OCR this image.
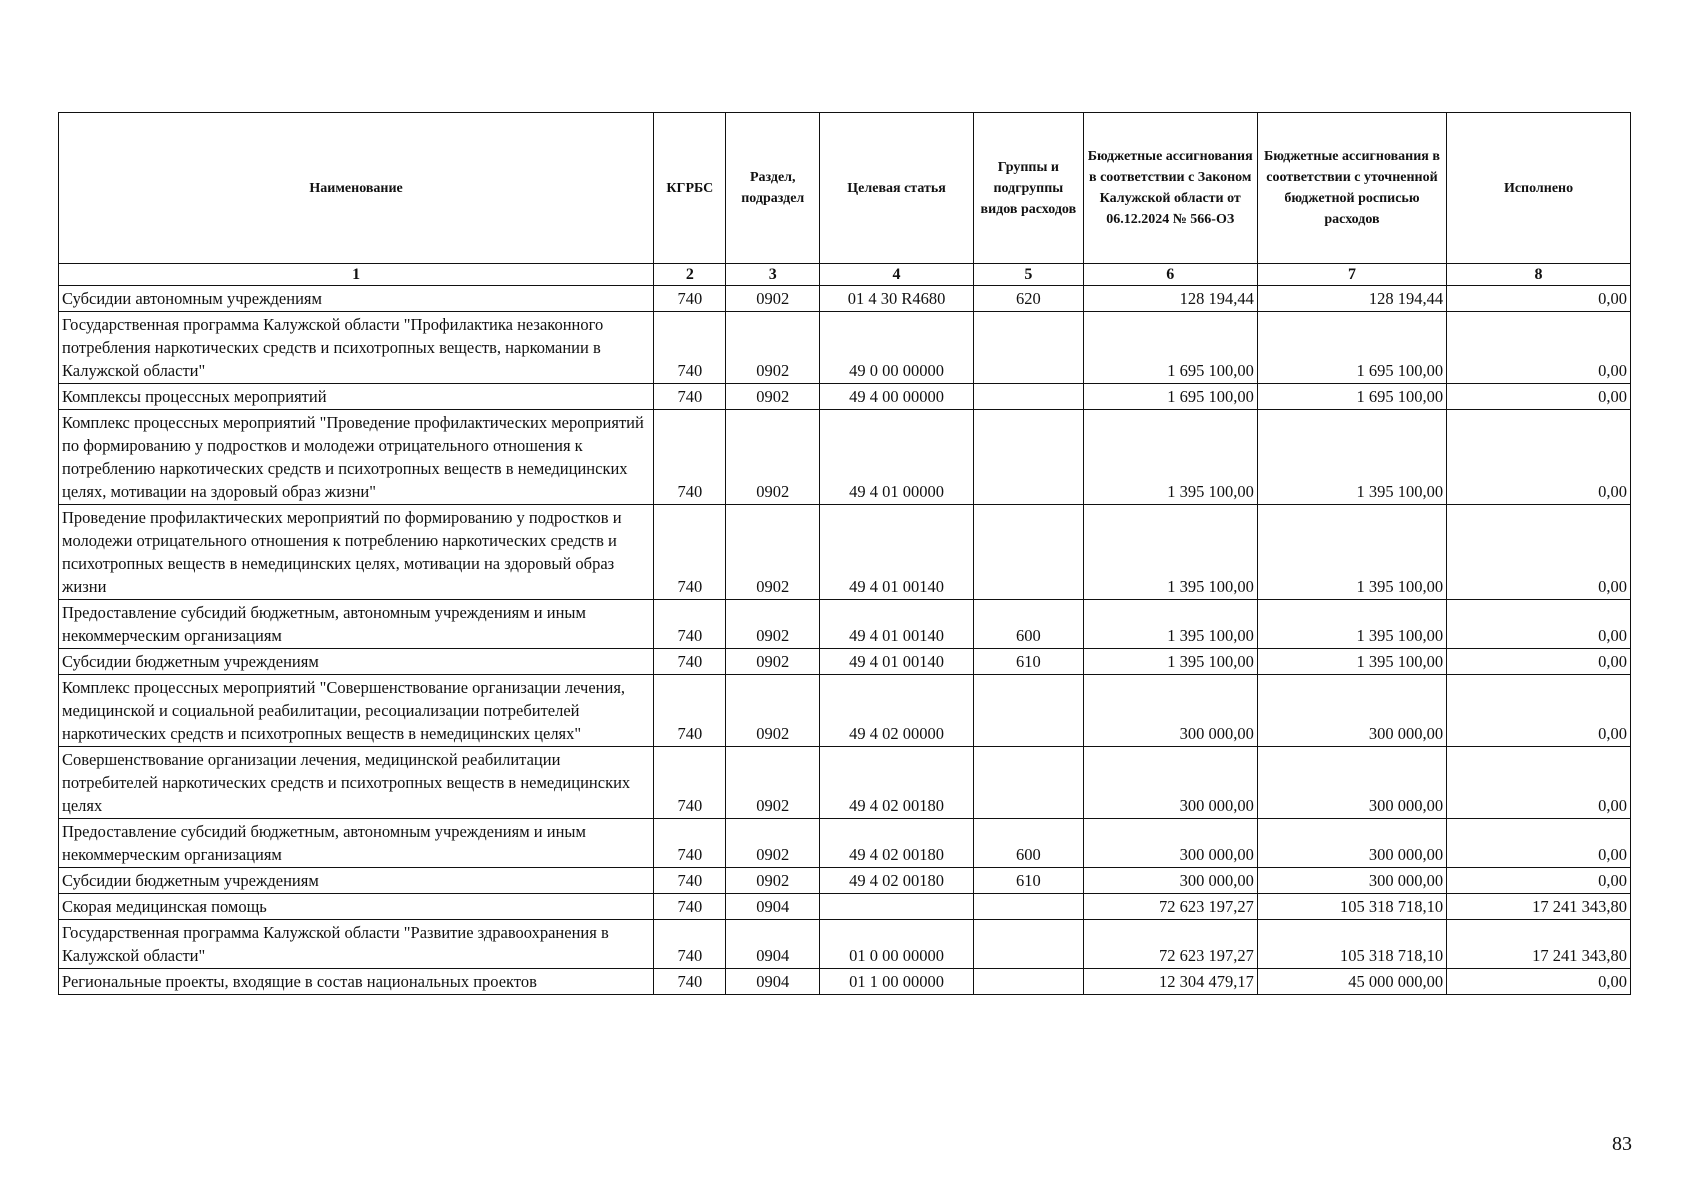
Наименование	КГРБС	Раздел, подраздел	Целевая статья	Группы и подгруппы видов расходов	Бюджетные ассигнования в соответствии с Законом Калужской области от 06.12.2024 № 566-ОЗ	Бюджетные ассигнования в соответствии с уточненной бюджетной росписью расходов	Исполнено
1	2	3	4	5	6	7	8
Субсидии автономным учреждениям	740	0902	01 4 30 R4680	620	128 194,44	128 194,44	0,00
Государственная программа Калужской области "Профилактика незаконного потребления наркотических средств и психотропных веществ, наркомании в Калужской области"	740	0902	49 0 00 00000		1 695 100,00	1 695 100,00	0,00
Комплексы процессных мероприятий	740	0902	49 4 00 00000		1 695 100,00	1 695 100,00	0,00
Комплекс процессных мероприятий "Проведение профилактических мероприятий по формированию у подростков и молодежи отрицательного отношения к потреблению наркотических средств и психотропных веществ в немедицинских целях, мотивации на здоровый образ жизни"	740	0902	49 4 01 00000		1 395 100,00	1 395 100,00	0,00
Проведение профилактических мероприятий по формированию у подростков и молодежи отрицательного отношения к потреблению наркотических средств и психотропных веществ в немедицинских целях, мотивации на здоровый образ жизни	740	0902	49 4 01 00140		1 395 100,00	1 395 100,00	0,00
Предоставление субсидий бюджетным, автономным учреждениям и иным некоммерческим организациям	740	0902	49 4 01 00140	600	1 395 100,00	1 395 100,00	0,00
Субсидии бюджетным учреждениям	740	0902	49 4 01 00140	610	1 395 100,00	1 395 100,00	0,00
Комплекс процессных мероприятий "Совершенствование организации лечения, медицинской и социальной реабилитации, ресоциализации потребителей наркотических средств и психотропных веществ в немедицинских целях"	740	0902	49 4 02 00000		300 000,00	300 000,00	0,00
Совершенствование организации лечения, медицинской реабилитации потребителей наркотических средств и психотропных веществ в немедицинских целях	740	0902	49 4 02 00180		300 000,00	300 000,00	0,00
Предоставление субсидий бюджетным, автономным учреждениям и иным некоммерческим организациям	740	0902	49 4 02 00180	600	300 000,00	300 000,00	0,00
Субсидии бюджетным учреждениям	740	0902	49 4 02 00180	610	300 000,00	300 000,00	0,00
Скорая медицинская помощь	740	0904			72 623 197,27	105 318 718,10	17 241 343,80
Государственная программа Калужской области "Развитие здравоохранения в Калужской области"	740	0904	01 0 00 00000		72 623 197,27	105 318 718,10	17 241 343,80
Региональные проекты, входящие в состав национальных проектов	740	0904	01 1 00 00000		12 304 479,17	45 000 000,00	0,00
83
